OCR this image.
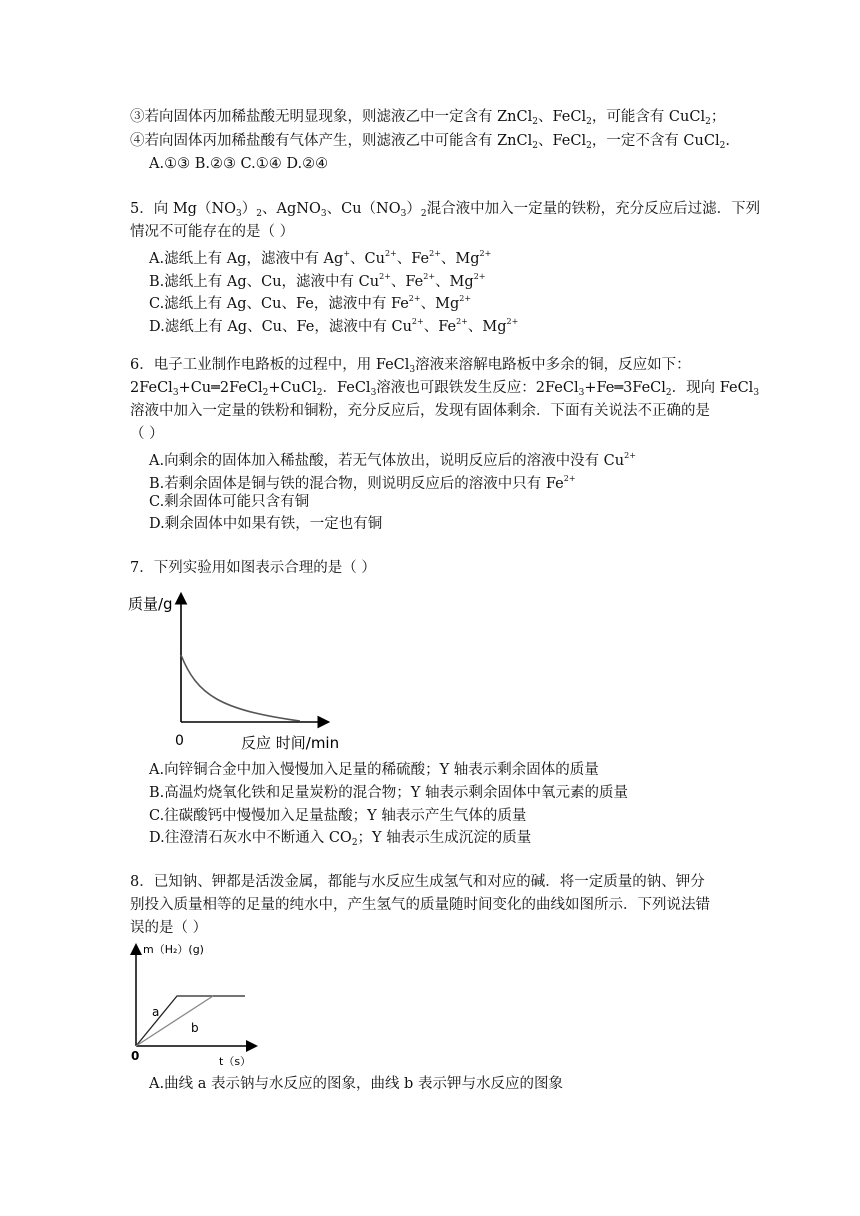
③若向固体丙加稀盐酸无明显现象，则滤液乙中一定含有 ZnCl$_2$、FeCl$_2$，可能含有 CuCl$_2$；
④若向固体丙加稀盐酸有气体产生，则滤液乙中可能含有 ZnCl$_2$、FeCl$_2$，一定不含有 CuCl$_2$.
A.①③ B.②③ C.①④ D.②④
5．向 $Mg(NO_3)_2$、AgNO$_3$、$Cu(NO_3)_2$混合液中加入一定量的铁粉，充分反应后过滤．下列
情况不可能存在的是（ ）
A.滤纸上有 Ag，滤液中有 Ag+、$Cu^{2+}$、$Fe^{2+}$、$Mg^{2+}$
B.滤纸上有 Ag、Cu，滤液中有 $Cu^{2+}$、$Fe^{2+}$、$Mg^{2+}$
C.滤纸上有 Ag、Cu、Fe，滤液中有 $Fe^{2+}$、$Mg^{2+}$
D.滤纸上有 Ag、Cu、Fe，滤液中有 $Cu^{2+}$、$Fe^{2+}$、$Mg^{2+}$
6．电子工业制作电路板的过程中，用 FeCl$_3$溶液来溶解电路板中多余的铜，反应如下：
2FeCl$_3$+Cu═2FeCl$_2$+CuCl$_2$．FeCl$_3$溶液也可跟铁发生反应：2FeCl$_3$+Fe═3FeCl$_2$．现向 FeCl$_3$
溶液中加入一定量的铁粉和铜粉，充分反应后，发现有固体剩余．下面有关说法不正确的是
（ ）
A.向剩余的固体加入稀盐酸，若无气体放出，说明反应后的溶液中没有 $Cu^{2+}$
B.若剩余固体是铜与铁的混合物，则说明反应后的溶液中只有 $Fe^{2+}$
C.剩余固体可能只含有铜
D.剩余固体中如果有铁，一定也有铜
7．下列实验用如图表示合理的是（ ）
质量/g
0	反应 时间/min
A.向锌铜合金中加入慢慢加入足量的稀硫酸；Y 轴表示剩余固体的质量
B.高温灼烧氧化铁和足量炭粉的混合物；Y 轴表示剩余固体中氧元素的质量
C.往碳酸钙中慢慢加入足量盐酸；Y 轴表示产生气体的质量
D.往澄清石灰水中不断通入 $CO_2$；Y 轴表示生成沉淀的质量
8．已知钠、钾都是活泼金属，都能与水反应生成氢气和对应的碱．将一定质量的钠、钾分
别投入质量相等的足量的纯水中，产生氢气的质量随时间变化的曲线如图所示．下列说法错
误的是（ ）
m（H₂）(g)
a
b
0	t（s）
A.曲线 a 表示钠与水反应的图象，曲线 b 表示钾与水反应的图象
